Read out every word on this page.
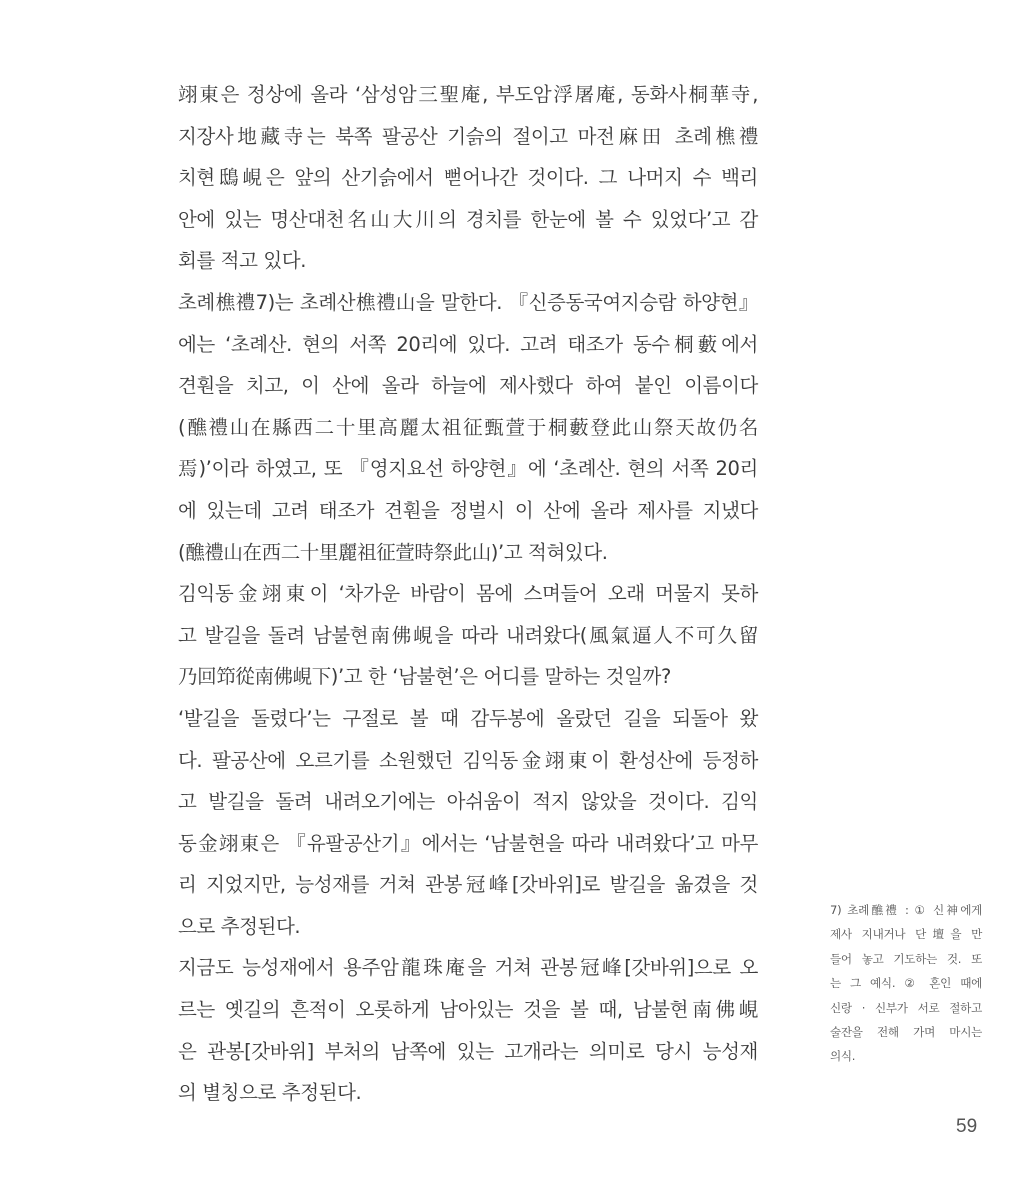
翊東은 정상에 올라 ‘삼성암三聖庵, 부도암浮屠庵, 동화사桐華寺,
지장사地藏寺는 북쪽 팔공산 기슭의 절이고 마전麻田 초례樵禮
치현鴟峴은 앞의 산기슭에서 뻗어나간 것이다. 그 나머지 수 백리
안에 있는 명산대천名山大川의 경치를 한눈에 볼 수 있었다’고 감
회를 적고 있다.
초례樵禮7)는 초례산樵禮山을 말한다. 『신증동국여지승람 하양현』
에는 ‘초례산. 현의 서쪽 20리에 있다. 고려 태조가 동수桐藪에서
견훤을 치고, 이 산에 올라 하늘에 제사했다 하여 붙인 이름이다
(醮禮山在縣西二十里高麗太祖征甄萱于桐藪登此山祭天故仍名
焉)’이라 하였고, 또 『영지요선 하양현』에 ‘초례산. 현의 서쪽 20리
에 있는데 고려 태조가 견훤을 정벌시 이 산에 올라 제사를 지냈다
(醮禮山在西二十里麗祖征萱時祭此山)’고 적혀있다.
김익동金翊東이 ‘차가운 바람이 몸에 스며들어 오래 머물지 못하
고 발길을 돌려 남불현南佛峴을 따라 내려왔다(風氣逼人不可久留
乃回笻從南佛峴下)’고 한 ‘남불현’은 어디를 말하는 것일까?
‘발길을 돌렸다’는 구절로 볼 때 감두봉에 올랐던 길을 되돌아 왔
다. 팔공산에 오르기를 소원했던 김익동金翊東이 환성산에 등정하
고 발길을 돌려 내려오기에는 아쉬움이 적지 않았을 것이다. 김익
동金翊東은 『유팔공산기』에서는 ‘남불현을 따라 내려왔다’고 마무
리 지었지만, 능성재를 거쳐 관봉冠峰[갓바위]로 발길을 옮겼을 것
으로 추정된다.
지금도 능성재에서 용주암龍珠庵을 거쳐 관봉冠峰[갓바위]으로 오
르는 옛길의 흔적이 오롯하게 남아있는 것을 볼 때, 남불현南佛峴
은 관봉[갓바위] 부처의 남쪽에 있는 고개라는 의미로 당시 능성재
의 별칭으로 추정된다.
7) 초례醮禮 : ① 신神에게
제사 지내거나 단壇을 만
들어 놓고 기도하는 것. 또
는 그 예식. ② 혼인 때에
신랑 · 신부가 서로 절하고
술잔을 전해 가며 마시는
의식.
59
